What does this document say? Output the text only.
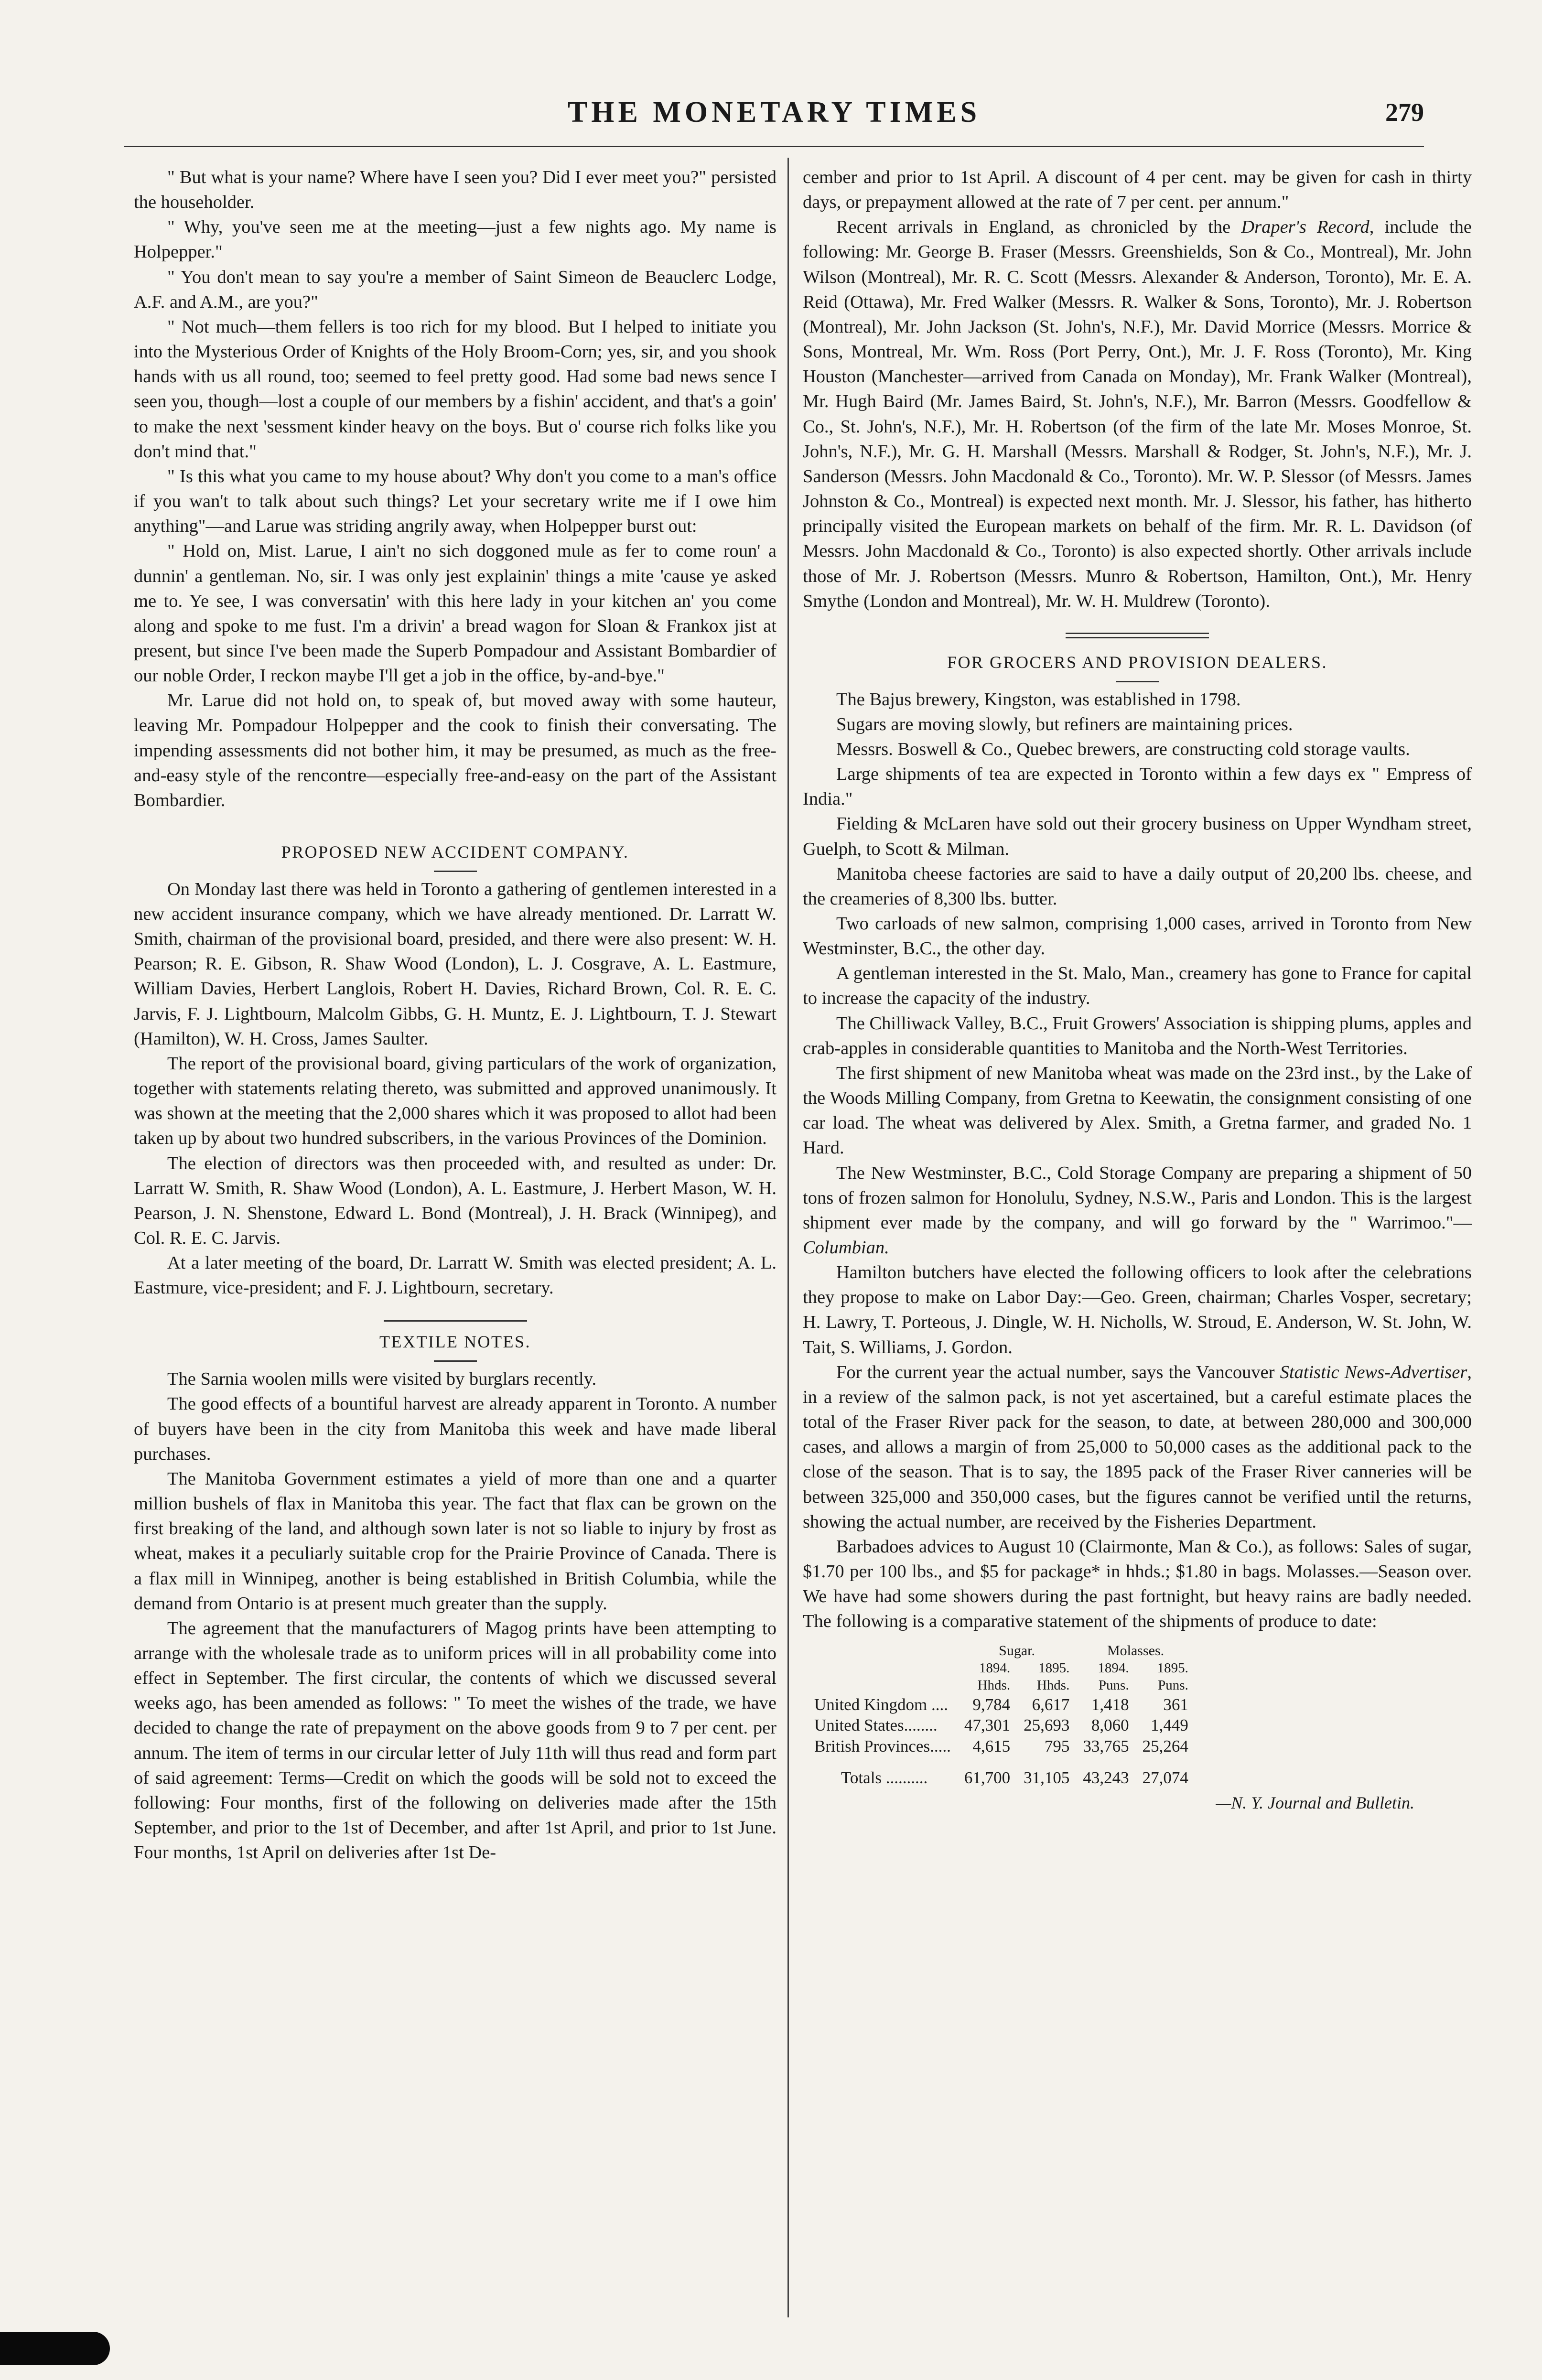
THE MONETARY TIMES	279

" But what is your name? Where have I seen you? Did I ever meet you?" persisted the householder.

" Why, you've seen me at the meeting—just a few nights ago. My name is Holpepper."

" You don't mean to say you're a member of Saint Simeon de Beauclerc Lodge, A.F. and A.M., are you?"

" Not much—them fellers is too rich for my blood. But I helped to initiate you into the Mysterious Order of Knights of the Holy Broom-Corn; yes, sir, and you shook hands with us all round, too; seemed to feel pretty good. Had some bad news sence I seen you, though—lost a couple of our members by a fishin' accident, and that's a goin' to make the next 'sessment kinder heavy on the boys. But o' course rich folks like you don't mind that."

" Is this what you came to my house about? Why don't you come to a man's office if you wan't to talk about such things? Let your secretary write me if I owe him anything"—and Larue was striding angrily away, when Holpepper burst out:

" Hold on, Mist. Larue, I ain't no sich doggoned mule as fer to come roun' a dunnin' a gentleman. No, sir. I was only jest explainin' things a mite 'cause ye asked me to. Ye see, I was conversatin' with this here lady in your kitchen an' you come along and spoke to me fust. I'm a drivin' a bread wagon for Sloan & Frankox jist at present, but since I've been made the Superb Pompadour and Assistant Bombardier of our noble Order, I reckon maybe I'll get a job in the office, by-and-bye."

Mr. Larue did not hold on, to speak of, but moved away with some hauteur, leaving Mr. Pompadour Holpepper and the cook to finish their conversating. The impending assessments did not bother him, it may be presumed, as much as the free-and-easy style of the rencontre—especially free-and-easy on the part of the Assistant Bombardier.

PROPOSED NEW ACCIDENT COMPANY.

On Monday last there was held in Toronto a gathering of gentlemen interested in a new accident insurance company, which we have already mentioned. Dr. Larratt W. Smith, chairman of the provisional board, presided, and there were also present: W. H. Pearson; R. E. Gibson, R. Shaw Wood (London), L. J. Cosgrave, A. L. Eastmure, William Davies, Herbert Langlois, Robert H. Davies, Richard Brown, Col. R. E. C. Jarvis, F. J. Lightbourn, Malcolm Gibbs, G. H. Muntz, E. J. Lightbourn, T. J. Stewart (Hamilton), W. H. Cross, James Saulter.

The report of the provisional board, giving particulars of the work of organization, together with statements relating thereto, was submitted and approved unanimously. It was shown at the meeting that the 2,000 shares which it was proposed to allot had been taken up by about two hundred subscribers, in the various Provinces of the Dominion.

The election of directors was then proceeded with, and resulted as under: Dr. Larratt W. Smith, R. Shaw Wood (London), A. L. Eastmure, J. Herbert Mason, W. H. Pearson, J. N. Shenstone, Edward L. Bond (Montreal), J. H. Brack (Winnipeg), and Col. R. E. C. Jarvis.

At a later meeting of the board, Dr. Larratt W. Smith was elected president; A. L. Eastmure, vice-president; and F. J. Lightbourn, secretary.

TEXTILE NOTES.

The Sarnia woolen mills were visited by burglars recently.

The good effects of a bountiful harvest are already apparent in Toronto. A number of buyers have been in the city from Manitoba this week and have made liberal purchases.

The Manitoba Government estimates a yield of more than one and a quarter million bushels of flax in Manitoba this year. The fact that flax can be grown on the first breaking of the land, and although sown later is not so liable to injury by frost as wheat, makes it a peculiarly suitable crop for the Prairie Province of Canada. There is a flax mill in Winnipeg, another is being established in British Columbia, while the demand from Ontario is at present much greater than the supply.

The agreement that the manufacturers of Magog prints have been attempting to arrange with the wholesale trade as to uniform prices will in all probability come into effect in September. The first circular, the contents of which we discussed several weeks ago, has been amended as follows: " To meet the wishes of the trade, we have decided to change the rate of prepayment on the above goods from 9 to 7 per cent. per annum. The item of terms in our circular letter of July 11th will thus read and form part of said agreement: Terms—Credit on which the goods will be sold not to exceed the following: Four months, first of the following on deliveries made after the 15th September, and prior to the 1st of December, and after 1st April, and prior to 1st June. Four months, 1st April on deliveries after 1st De-

cember and prior to 1st April. A discount of 4 per cent. may be given for cash in thirty days, or prepayment allowed at the rate of 7 per cent. per annum."

Recent arrivals in England, as chronicled by the Draper's Record, include the following: Mr. George B. Fraser (Messrs. Greenshields, Son & Co., Montreal), Mr. John Wilson (Montreal), Mr. R. C. Scott (Messrs. Alexander & Anderson, Toronto), Mr. E. A. Reid (Ottawa), Mr. Fred Walker (Messrs. R. Walker & Sons, Toronto), Mr. J. Robertson (Montreal), Mr. John Jackson (St. John's, N.F.), Mr. David Morrice (Messrs. Morrice & Sons, Montreal, Mr. Wm. Ross (Port Perry, Ont.), Mr. J. F. Ross (Toronto), Mr. King Houston (Manchester—arrived from Canada on Monday), Mr. Frank Walker (Montreal), Mr. Hugh Baird (Mr. James Baird, St. John's, N.F.), Mr. Barron (Messrs. Goodfellow & Co., St. John's, N.F.), Mr. H. Robertson (of the firm of the late Mr. Moses Monroe, St. John's, N.F.), Mr. G. H. Marshall (Messrs. Marshall & Rodger, St. John's, N.F.), Mr. J. Sanderson (Messrs. John Macdonald & Co., Toronto). Mr. W. P. Slessor (of Messrs. James Johnston & Co., Montreal) is expected next month. Mr. J. Slessor, his father, has hitherto principally visited the European markets on behalf of the firm. Mr. R. L. Davidson (of Messrs. John Macdonald & Co., Toronto) is also expected shortly. Other arrivals include those of Mr. J. Robertson (Messrs. Munro & Robertson, Hamilton, Ont.), Mr. Henry Smythe (London and Montreal), Mr. W. H. Muldrew (Toronto).

FOR GROCERS AND PROVISION DEALERS.

The Bajus brewery, Kingston, was established in 1798.

Sugars are moving slowly, but refiners are maintaining prices.

Messrs. Boswell & Co., Quebec brewers, are constructing cold storage vaults.

Large shipments of tea are expected in Toronto within a few days ex " Empress of India."

Fielding & McLaren have sold out their grocery business on Upper Wyndham street, Guelph, to Scott & Milman.

Manitoba cheese factories are said to have a daily output of 20,200 lbs. cheese, and the creameries of 8,300 lbs. butter.

Two carloads of new salmon, comprising 1,000 cases, arrived in Toronto from New Westminster, B.C., the other day.

A gentleman interested in the St. Malo, Man., creamery has gone to France for capital to increase the capacity of the industry.

The Chilliwack Valley, B.C., Fruit Growers' Association is shipping plums, apples and crab-apples in considerable quantities to Manitoba and the North-West Territories.

The first shipment of new Manitoba wheat was made on the 23rd inst., by the Lake of the Woods Milling Company, from Gretna to Keewatin, the consignment consisting of one car load. The wheat was delivered by Alex. Smith, a Gretna farmer, and graded No. 1 Hard.

The New Westminster, B.C., Cold Storage Company are preparing a shipment of 50 tons of frozen salmon for Honolulu, Sydney, N.S.W., Paris and London. This is the largest shipment ever made by the company, and will go forward by the " Warrimoo."—Columbian.

Hamilton butchers have elected the following officers to look after the celebrations they propose to make on Labor Day:—Geo. Green, chairman; Charles Vosper, secretary; H. Lawry, T. Porteous, J. Dingle, W. H. Nicholls, W. Stroud, E. Anderson, W. St. John, W. Tait, S. Williams, J. Gordon.

For the current year the actual number, says the Vancouver Statistic News-Advertiser, in a review of the salmon pack, is not yet ascertained, but a careful estimate places the total of the Fraser River pack for the season, to date, at between 280,000 and 300,000 cases, and allows a margin of from 25,000 to 50,000 cases as the additional pack to the close of the season. That is to say, the 1895 pack of the Fraser River canneries will be between 325,000 and 350,000 cases, but the figures cannot be verified until the returns, showing the actual number, are received by the Fisheries Department.

Barbadoes advices to August 10 (Clairmonte, Man & Co.), as follows: Sales of sugar, $1.70 per 100 lbs., and $5 for package* in hhds.; $1.80 in bags. Molasses.—Season over. We have had some showers during the past fortnight, but heavy rains are badly needed. The following is a comparative statement of the shipments of produce to date:

	Sugar.		Molasses.	
	1894.	1895.	1894.	1895.
	Hhds.	Hhds.	Puns.	Puns.
United Kingdom ....	9,784	6,617	1,418	361
United States........	47,301	25,693	8,060	1,449
British Provinces.....	4,615	795	33,765	25,264
Totals ..........	61,700	31,105	43,243	27,074
—N. Y. Journal and Bulletin.
